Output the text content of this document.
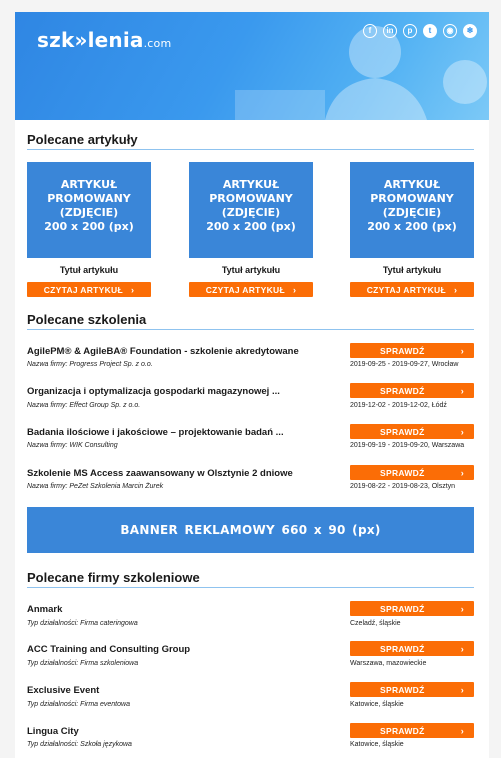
szk»lenia.com
f	in	p	t	◉	❄
Polecane artykuły
ARTYKUŁ
PROMOWANY
(ZDJĘCIE)
200 x 200 (px)
Tytuł artykułu
CZYTAJ ARTYKUŁ ›
ARTYKUŁ
PROMOWANY
(ZDJĘCIE)
200 x 200 (px)
Tytuł artykułu
CZYTAJ ARTYKUŁ ›
ARTYKUŁ
PROMOWANY
(ZDJĘCIE)
200 x 200 (px)
Tytuł artykułu
CZYTAJ ARTYKUŁ ›
Polecane szkolenia
AgilePM® & AgileBA® Foundation - szkolenie akredytowane
Nazwa firmy: Progress Project Sp. z o.o.
SPRAWDŹ	›
2019-09-25 - 2019-09-27, Wrocław
Organizacja i optymalizacja gospodarki magazynowej ...
Nazwa firmy: Effect Group Sp. z o.o.
SPRAWDŹ	›
2019-12-02 - 2019-12-02, Łódź
Badania ilościowe i jakościowe – projektowanie badań ...
Nazwa firmy: WIK Consulting
SPRAWDŹ	›
2019-09-19 - 2019-09-20, Warszawa
Szkolenie MS Access zaawansowany w Olsztynie 2 dniowe
Nazwa firmy: PeZet Szkolenia Marcin Żurek
SPRAWDŹ	›
2019-08-22 - 2019-08-23, Olsztyn
BANNER REKLAMOWY 660 x 90 (px)
Polecane firmy szkoleniowe
Anmark
Typ działalności: Firma cateringowa
SPRAWDŹ	›
Czeladź, śląskie
ACC Training and Consulting Group
Typ działalności: Firma szkoleniowa
SPRAWDŹ	›
Warszawa, mazowieckie
Exclusive Event
Typ działalności: Firma eventowa
SPRAWDŹ	›
Katowice, śląskie
Lingua City
Typ działalności: Szkoła językowa
SPRAWDŹ	›
Katowice, śląskie
